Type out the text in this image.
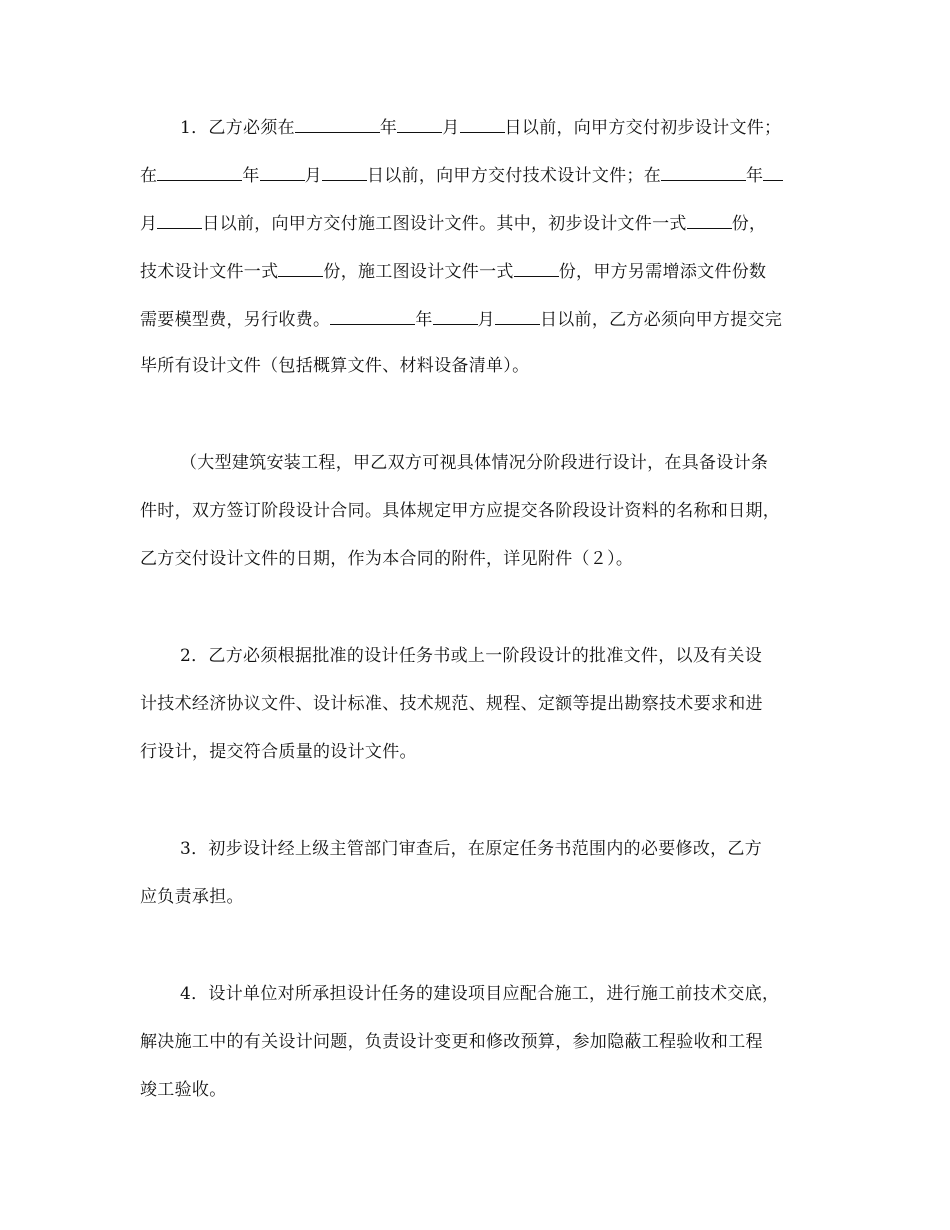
1．乙方必须在	年	月	日以前，向甲方交付初步设计文件；
在	年	月	日以前，向甲方交付技术设计文件；在	年
月	日以前，向甲方交付施工图设计文件。其中，初步设计文件一式	份，
技术设计文件一式	份，施工图设计文件一式	份，甲方另需增添文件份数
需要模型费，另行收费。	年	月	日以前，乙方必须向甲方提交完
毕所有设计文件（包括概算文件、材料设备清单）。
（大型建筑安装工程，甲乙双方可视具体情况分阶段进行设计，在具备设计条
件时，双方签订阶段设计合同。具体规定甲方应提交各阶段设计资料的名称和日期，
乙方交付设计文件的日期，作为本合同的附件，详见附件（２）。
2．乙方必须根据批准的设计任务书或上一阶段设计的批准文件，以及有关设
计技术经济协议文件、设计标准、技术规范、规程、定额等提出勘察技术要求和进
行设计，提交符合质量的设计文件。
3．初步设计经上级主管部门审查后，在原定任务书范围内的必要修改，乙方
应负责承担。
4．设计单位对所承担设计任务的建设项目应配合施工，进行施工前技术交底，
解决施工中的有关设计问题，负责设计变更和修改预算，参加隐蔽工程验收和工程
竣工验收。
